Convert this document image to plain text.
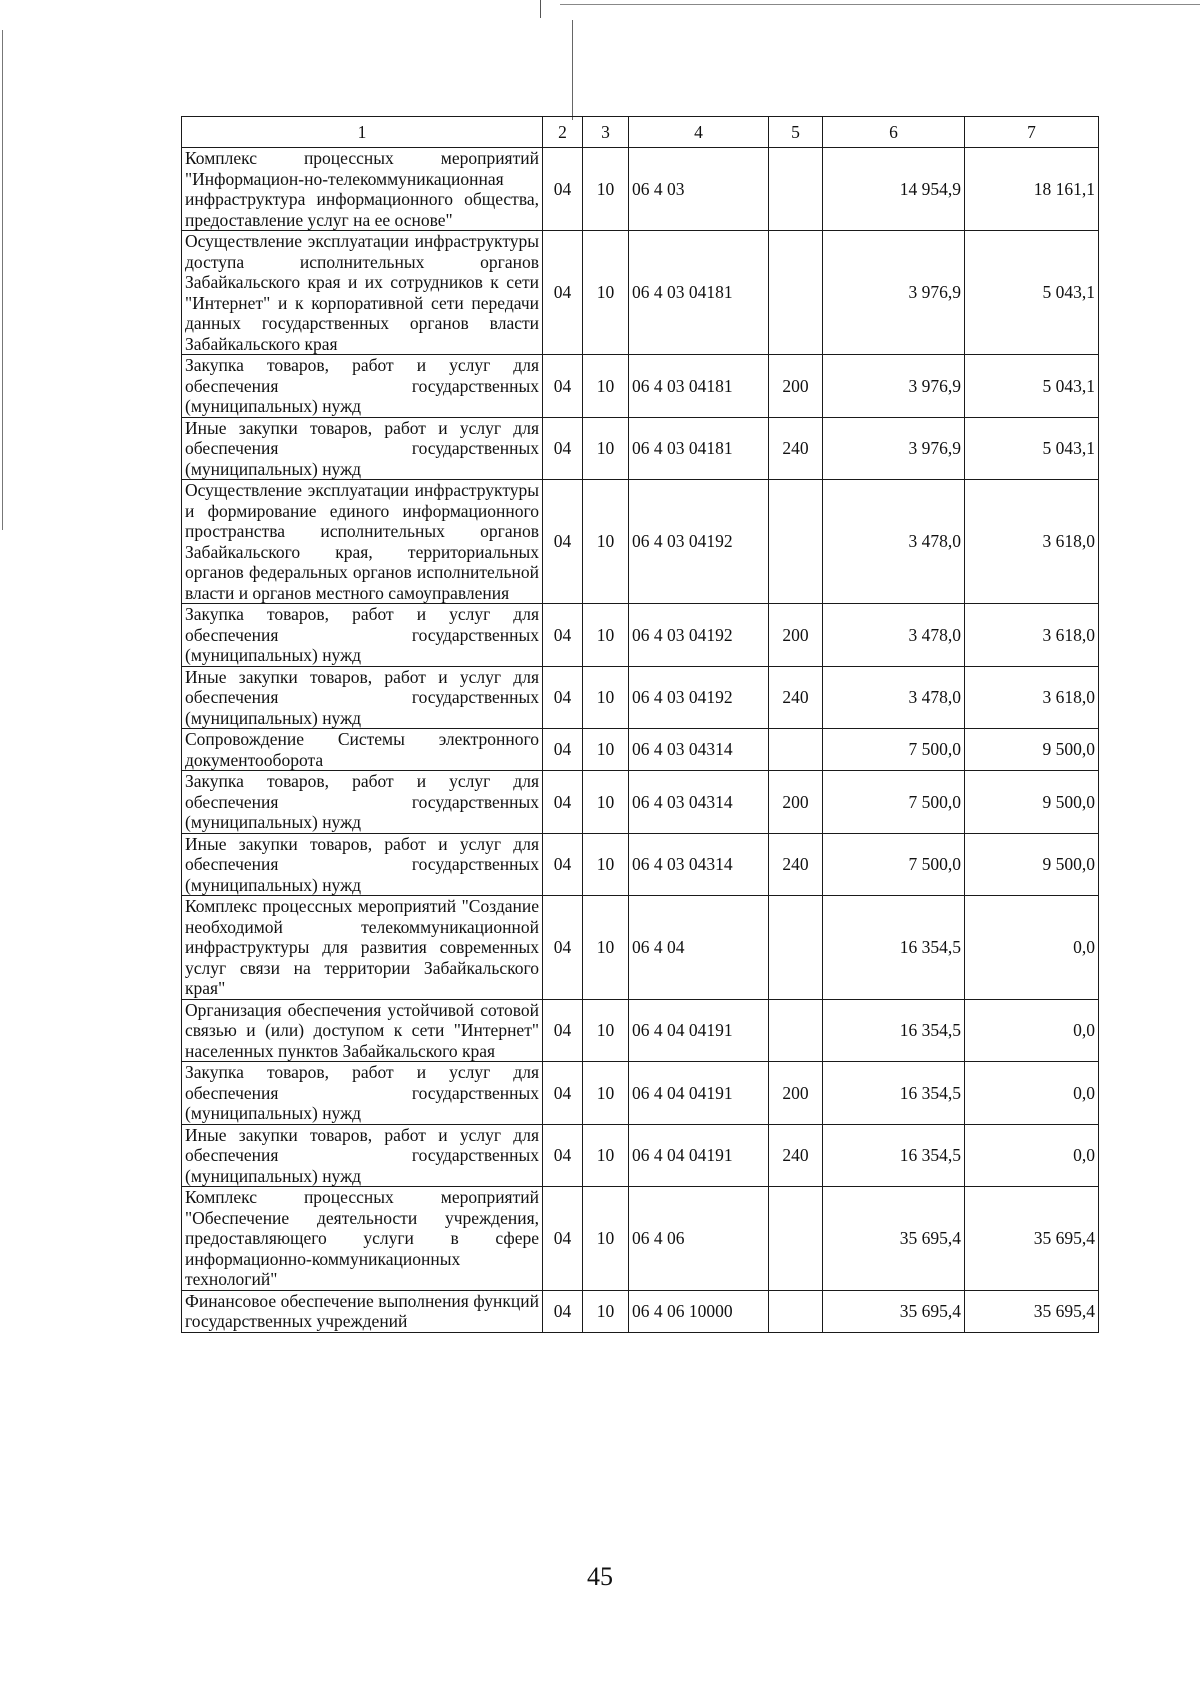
1	2	3	4	5	6	7
Комплекс процессных мероприятий "Информацион-но-телекоммуникационная инфраструктура информационного общества, предоставление услуг на ее основе"	04	10	06 4 03		14 954,9	18 161,1
Осуществление эксплуатации инфраструктуры доступа исполнительных органов Забайкальского края и их сотрудников к сети "Интернет" и к корпоративной сети передачи данных государственных органов власти Забайкальского края	04	10	06 4 03 04181		3 976,9	5 043,1
Закупка товаров, работ и услуг для обеспечения государственных (муниципальных) нужд	04	10	06 4 03 04181	200	3 976,9	5 043,1
Иные закупки товаров, работ и услуг для обеспечения государственных (муниципальных) нужд	04	10	06 4 03 04181	240	3 976,9	5 043,1
Осуществление эксплуатации инфраструктуры и формирование единого информационного пространства исполнительных органов Забайкальского края, территориальных органов федеральных органов исполнительной власти и органов местного самоуправления	04	10	06 4 03 04192		3 478,0	3 618,0
Закупка товаров, работ и услуг для обеспечения государственных (муниципальных) нужд	04	10	06 4 03 04192	200	3 478,0	3 618,0
Иные закупки товаров, работ и услуг для обеспечения государственных (муниципальных) нужд	04	10	06 4 03 04192	240	3 478,0	3 618,0
Сопровождение Системы электронного документооборота	04	10	06 4 03 04314		7 500,0	9 500,0
Закупка товаров, работ и услуг для обеспечения государственных (муниципальных) нужд	04	10	06 4 03 04314	200	7 500,0	9 500,0
Иные закупки товаров, работ и услуг для обеспечения государственных (муниципальных) нужд	04	10	06 4 03 04314	240	7 500,0	9 500,0
Комплекс процессных мероприятий "Создание необходимой телекоммуникационной инфраструктуры для развития современных услуг связи на территории Забайкальского края"	04	10	06 4 04		16 354,5	0,0
Организация обеспечения устойчивой сотовой связью и (или) доступом к сети "Интернет" населенных пунктов Забайкальского края	04	10	06 4 04 04191		16 354,5	0,0
Закупка товаров, работ и услуг для обеспечения государственных (муниципальных) нужд	04	10	06 4 04 04191	200	16 354,5	0,0
Иные закупки товаров, работ и услуг для обеспечения государственных (муниципальных) нужд	04	10	06 4 04 04191	240	16 354,5	0,0
Комплекс процессных мероприятий "Обеспечение деятельности учреждения, предоставляющего услуги в сфере информационно-коммуникационных технологий"	04	10	06 4 06		35 695,4	35 695,4
Финансовое обеспечение выполнения функций государственных учреждений	04	10	06 4 06 10000		35 695,4	35 695,4
45
